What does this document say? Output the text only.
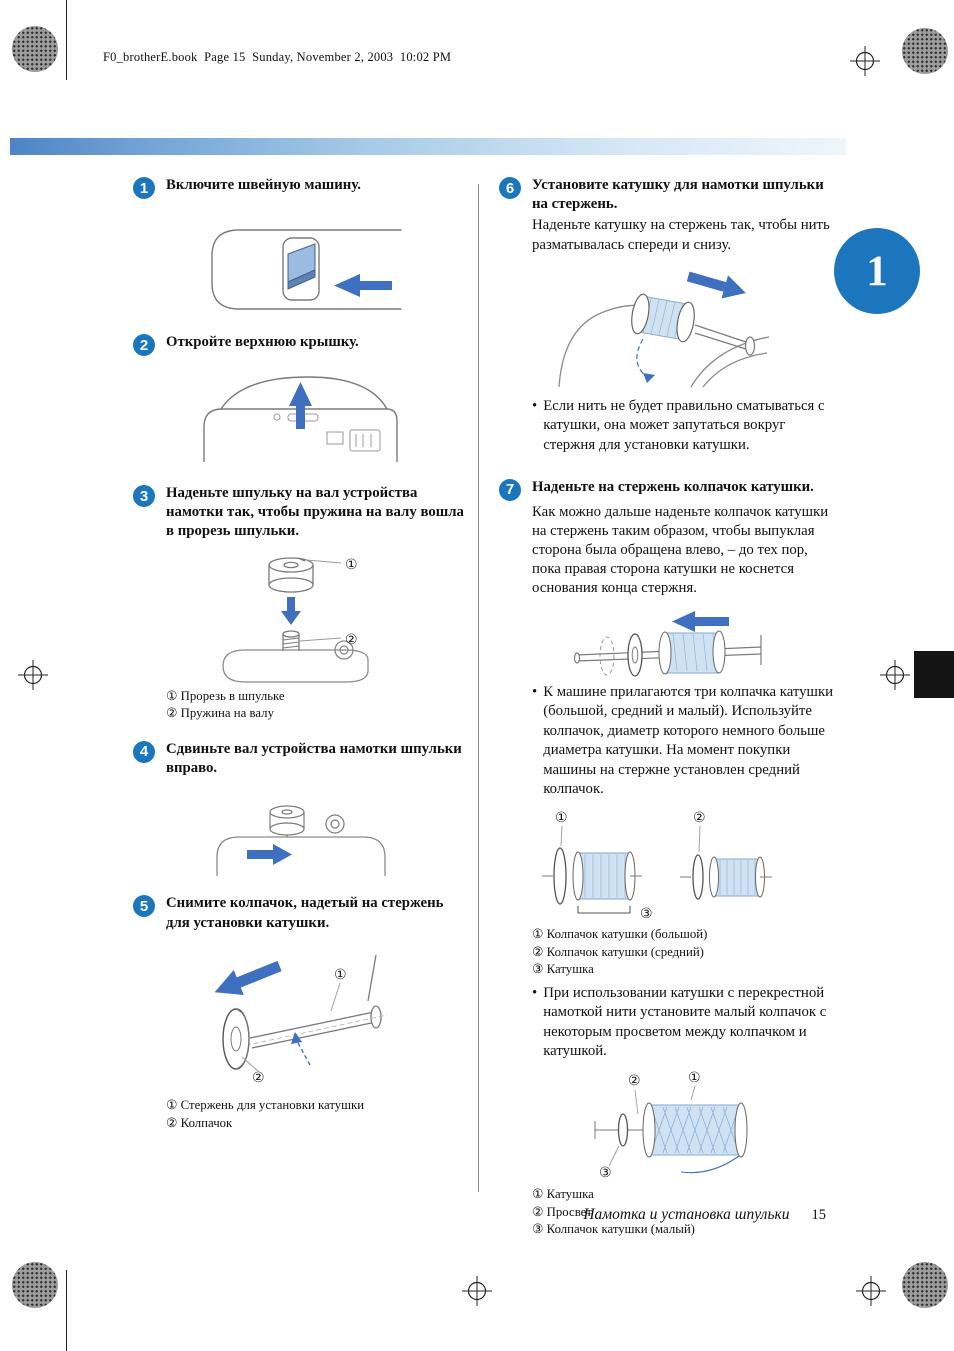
F0_brotherE.book  Page 15  Sunday, November 2, 2003  10:02 PM
1
1	Включите швейную машину.
2	Откройте верхнюю крышку.
3	Наденьте шпульку на вал устройства намотки так, чтобы пружина на валу вошла в прорезь шпульки.
①
②
① Прорезь в шпульке
② Пружина на валу
4	Сдвиньте вал устройства намотки шпульки вправо.
5	Снимите колпачок, надетый на стержень для установки катушки.
①
②
① Стержень для установки катушки
② Колпачок
6	Установите катушку для намотки шпульки на стержень.
Наденьте катушку на стержень так, чтобы нить разматывалась спереди и снизу.
• Если нить не будет правильно сматываться с катушки, она может запутаться вокруг стержня для установки катушки.
7	Наденьте на стержень колпачок катушки.
Как можно дальше наденьте колпачок катушки на стержень таким образом, чтобы выпуклая сторона была обращена влево, – до тех пор, пока правая сторона катушки не коснется основания конца стержня.
• К машине прилагаются три колпачка катушки (большой, средний и малый). Используйте колпачок, диаметр которого немного больше диаметра катушки. На момент покупки машины на стержне установлен средний колпачок.
①	②
③
① Колпачок катушки (большой)
② Колпачок катушки (средний)
③ Катушка
• При использовании катушки с перекрестной намоткой нити установите малый колпачок с некоторым просветом между колпачком и катушкой.
②	①
③
① Катушка
② Просвет
③ Колпачок катушки (малый)
Намотка и установка шпульки 15
